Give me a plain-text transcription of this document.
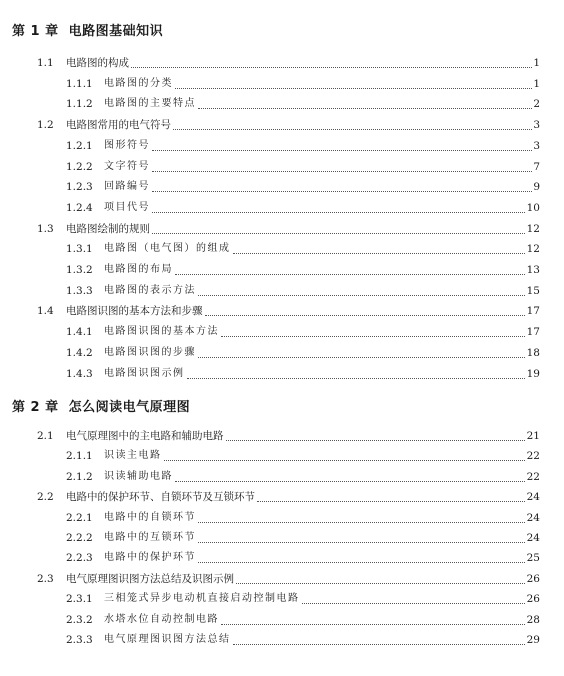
第 1 章 电路图基础知识
1.1 电路图的构成	1
1.1.1 电路图的分类	1
1.1.2 电路图的主要特点	2
1.2 电路图常用的电气符号	3
1.2.1 图形符号	3
1.2.2 文字符号	7
1.2.3 回路编号	9
1.2.4 项目代号	10
1.3 电路图绘制的规则	12
1.3.1 电路图（电气图）的组成	12
1.3.2 电路图的布局	13
1.3.3 电路图的表示方法	15
1.4 电路图识图的基本方法和步骤	17
1.4.1 电路图识图的基本方法	17
1.4.2 电路图识图的步骤	18
1.4.3 电路图识图示例	19
第 2 章 怎么阅读电气原理图
2.1 电气原理图中的主电路和辅助电路	21
2.1.1 识读主电路	22
2.1.2 识读辅助电路	22
2.2 电路中的保护环节、自锁环节及互锁环节	24
2.2.1 电路中的自锁环节	24
2.2.2 电路中的互锁环节	24
2.2.3 电路中的保护环节	25
2.3 电气原理图识图方法总结及识图示例	26
2.3.1 三相笼式异步电动机直接启动控制电路	26
2.3.2 水塔水位自动控制电路	28
2.3.3 电气原理图识图方法总结	29
